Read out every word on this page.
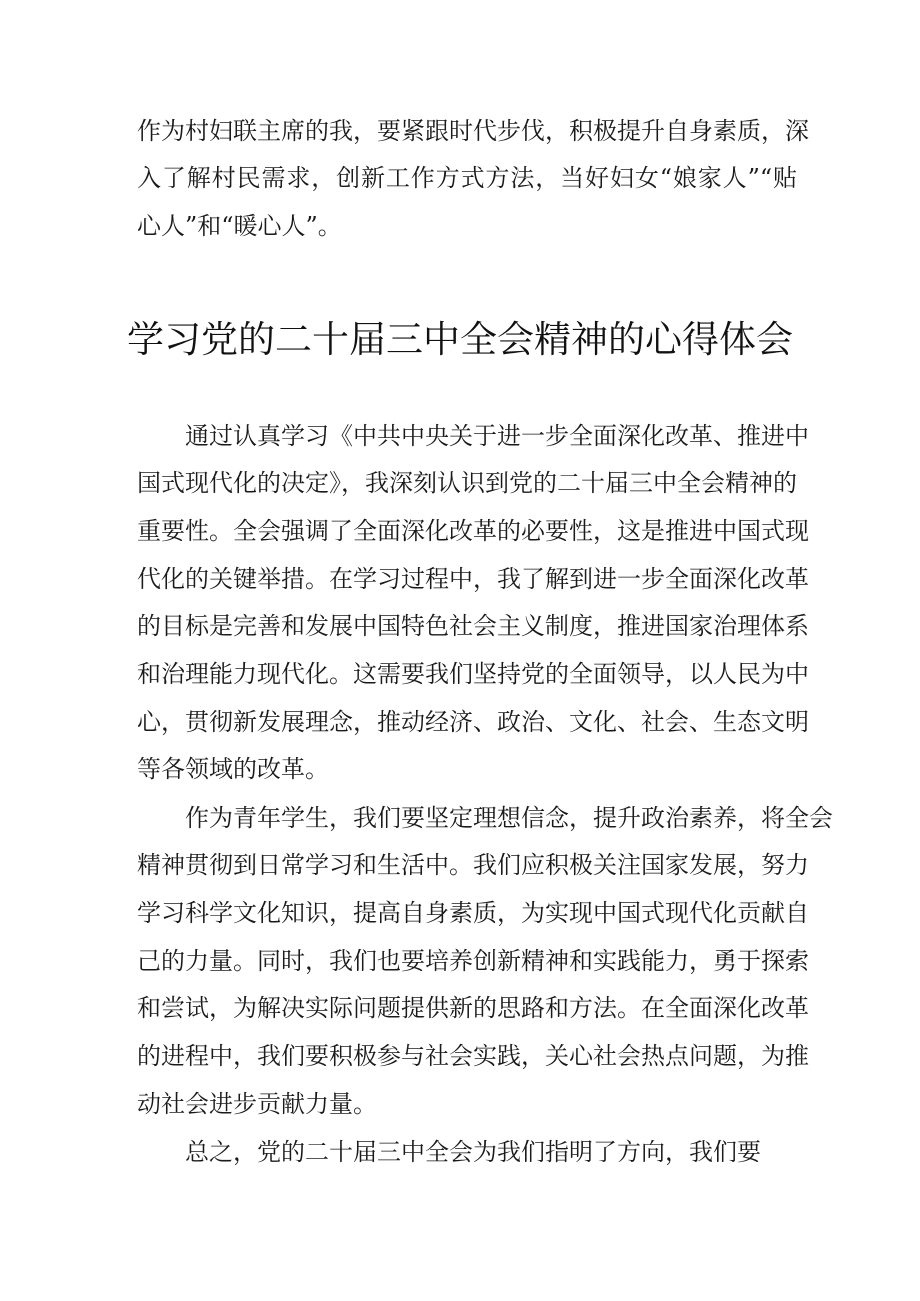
作为村妇联主席的我，要紧跟时代步伐，积极提升自身素质，深
入了解村民需求，创新工作方式方法，当好妇女“娘家人”“贴
心人”和“暖心人”。
学习党的二十届三中全会精神的心得体会
通过认真学习《中共中央关于进一步全面深化改革、推进中
国式现代化的决定》，我深刻认识到党的二十届三中全会精神的
重要性。全会强调了全面深化改革的必要性，这是推进中国式现
代化的关键举措。在学习过程中，我了解到进一步全面深化改革
的目标是完善和发展中国特色社会主义制度，推进国家治理体系
和治理能力现代化。这需要我们坚持党的全面领导，以人民为中
心，贯彻新发展理念，推动经济、政治、文化、社会、生态文明
等各领域的改革。
作为青年学生，我们要坚定理想信念，提升政治素养，将全会
精神贯彻到日常学习和生活中。我们应积极关注国家发展，努力
学习科学文化知识，提高自身素质，为实现中国式现代化贡献自
己的力量。同时，我们也要培养创新精神和实践能力，勇于探索
和尝试，为解决实际问题提供新的思路和方法。在全面深化改革
的进程中，我们要积极参与社会实践，关心社会热点问题，为推
动社会进步贡献力量。
总之，党的二十届三中全会为我们指明了方向，我们要
